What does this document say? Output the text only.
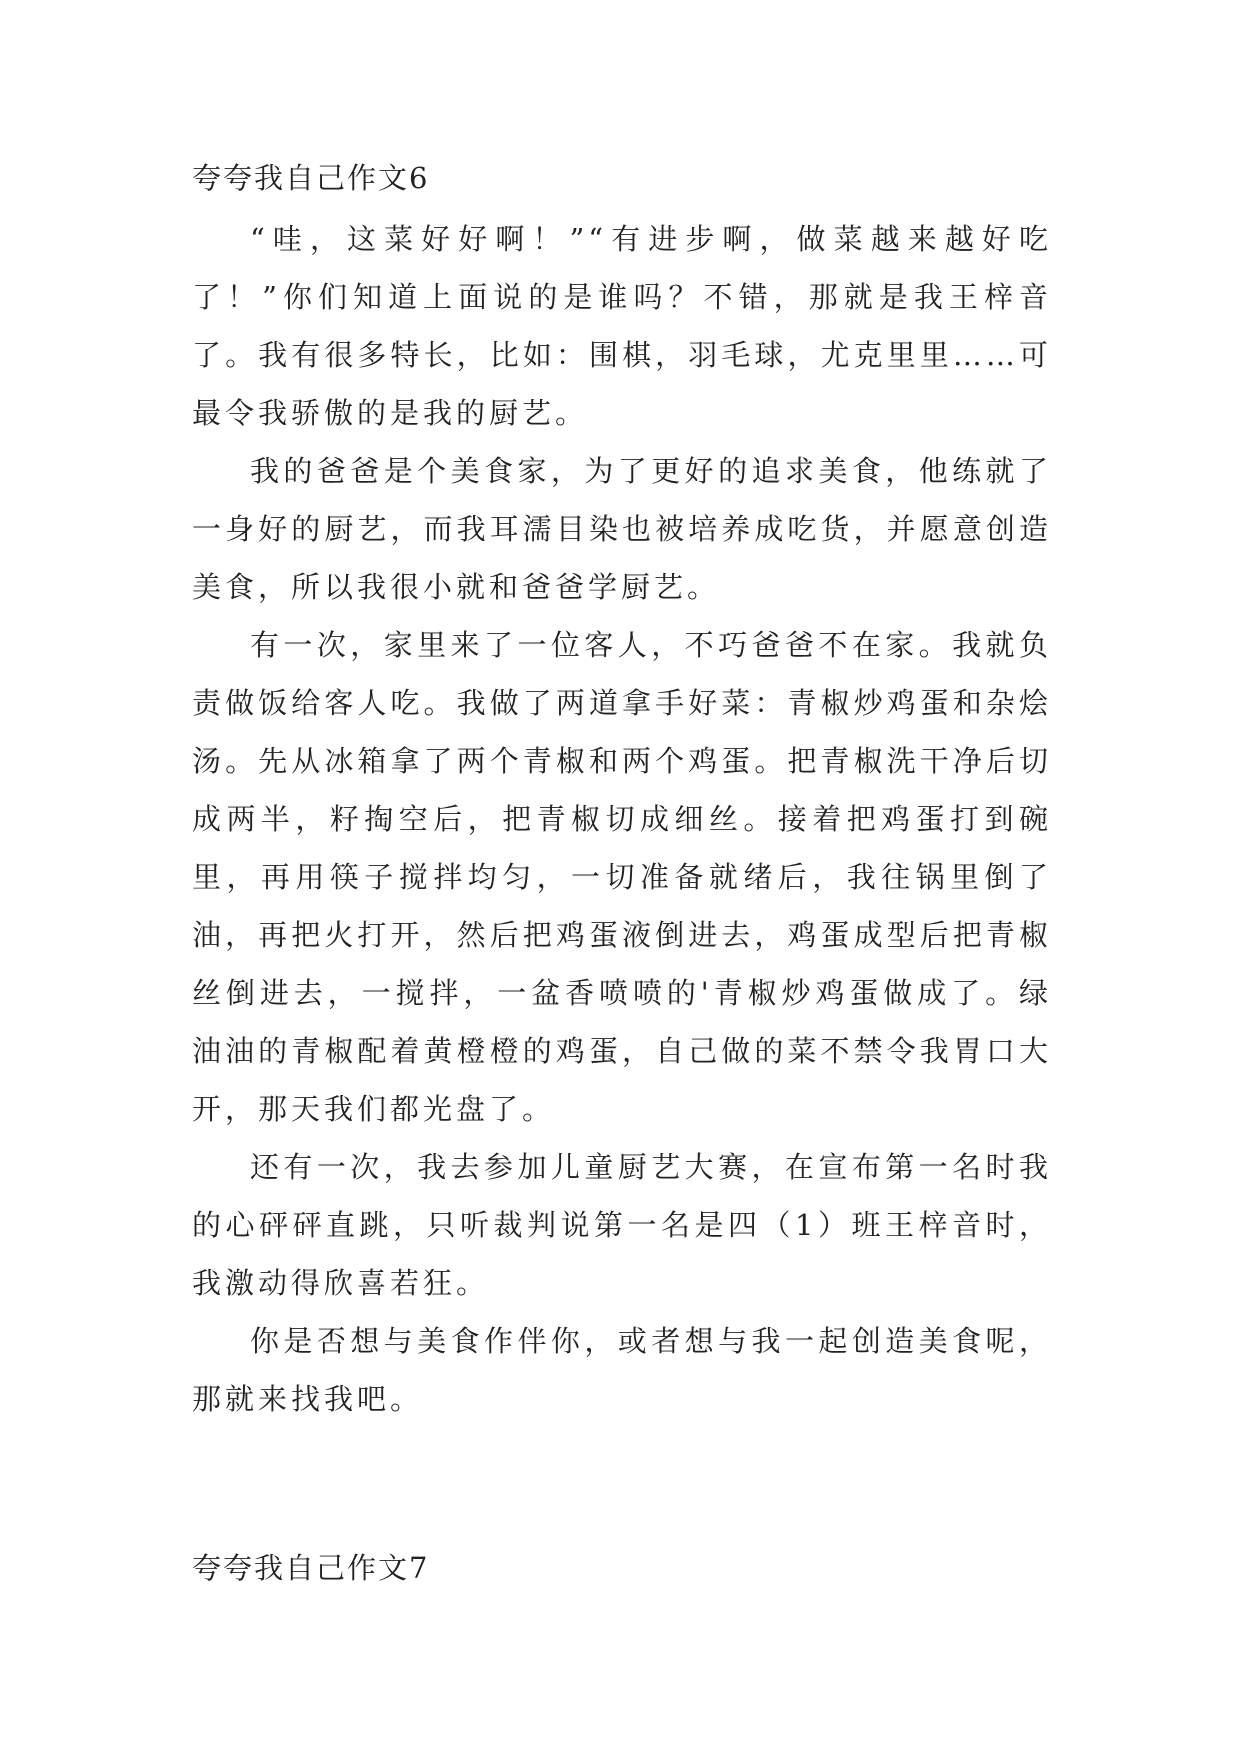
夸夸我自己作文6

“哇，这菜好好啊！”“有进步啊，做菜越来越好吃了！”你们知道上面说的是谁吗？不错，那就是我王梓音了。我有很多特长，比如：围棋，羽毛球，尤克里里……可最令我骄傲的是我的厨艺。

我的爸爸是个美食家，为了更好的追求美食，他练就了一身好的厨艺，而我耳濡目染也被培养成吃货，并愿意创造美食，所以我很小就和爸爸学厨艺。

有一次，家里来了一位客人，不巧爸爸不在家。我就负责做饭给客人吃。我做了两道拿手好菜：青椒炒鸡蛋和杂烩汤。先从冰箱拿了两个青椒和两个鸡蛋。把青椒洗干净后切成两半，籽掏空后，把青椒切成细丝。接着把鸡蛋打到碗里，再用筷子搅拌均匀，一切准备就绪后，我往锅里倒了油，再把火打开，然后把鸡蛋液倒进去，鸡蛋成型后把青椒丝倒进去，一搅拌，一盆香喷喷的'青椒炒鸡蛋做成了。绿油油的青椒配着黄橙橙的鸡蛋，自己做的菜不禁令我胃口大开，那天我们都光盘了。

还有一次，我去参加儿童厨艺大赛，在宣布第一名时我的心砰砰直跳，只听裁判说第一名是四（1）班王梓音时，我激动得欣喜若狂。

你是否想与美食作伴你，或者想与我一起创造美食呢，那就来找我吧。

夸夸我自己作文7
